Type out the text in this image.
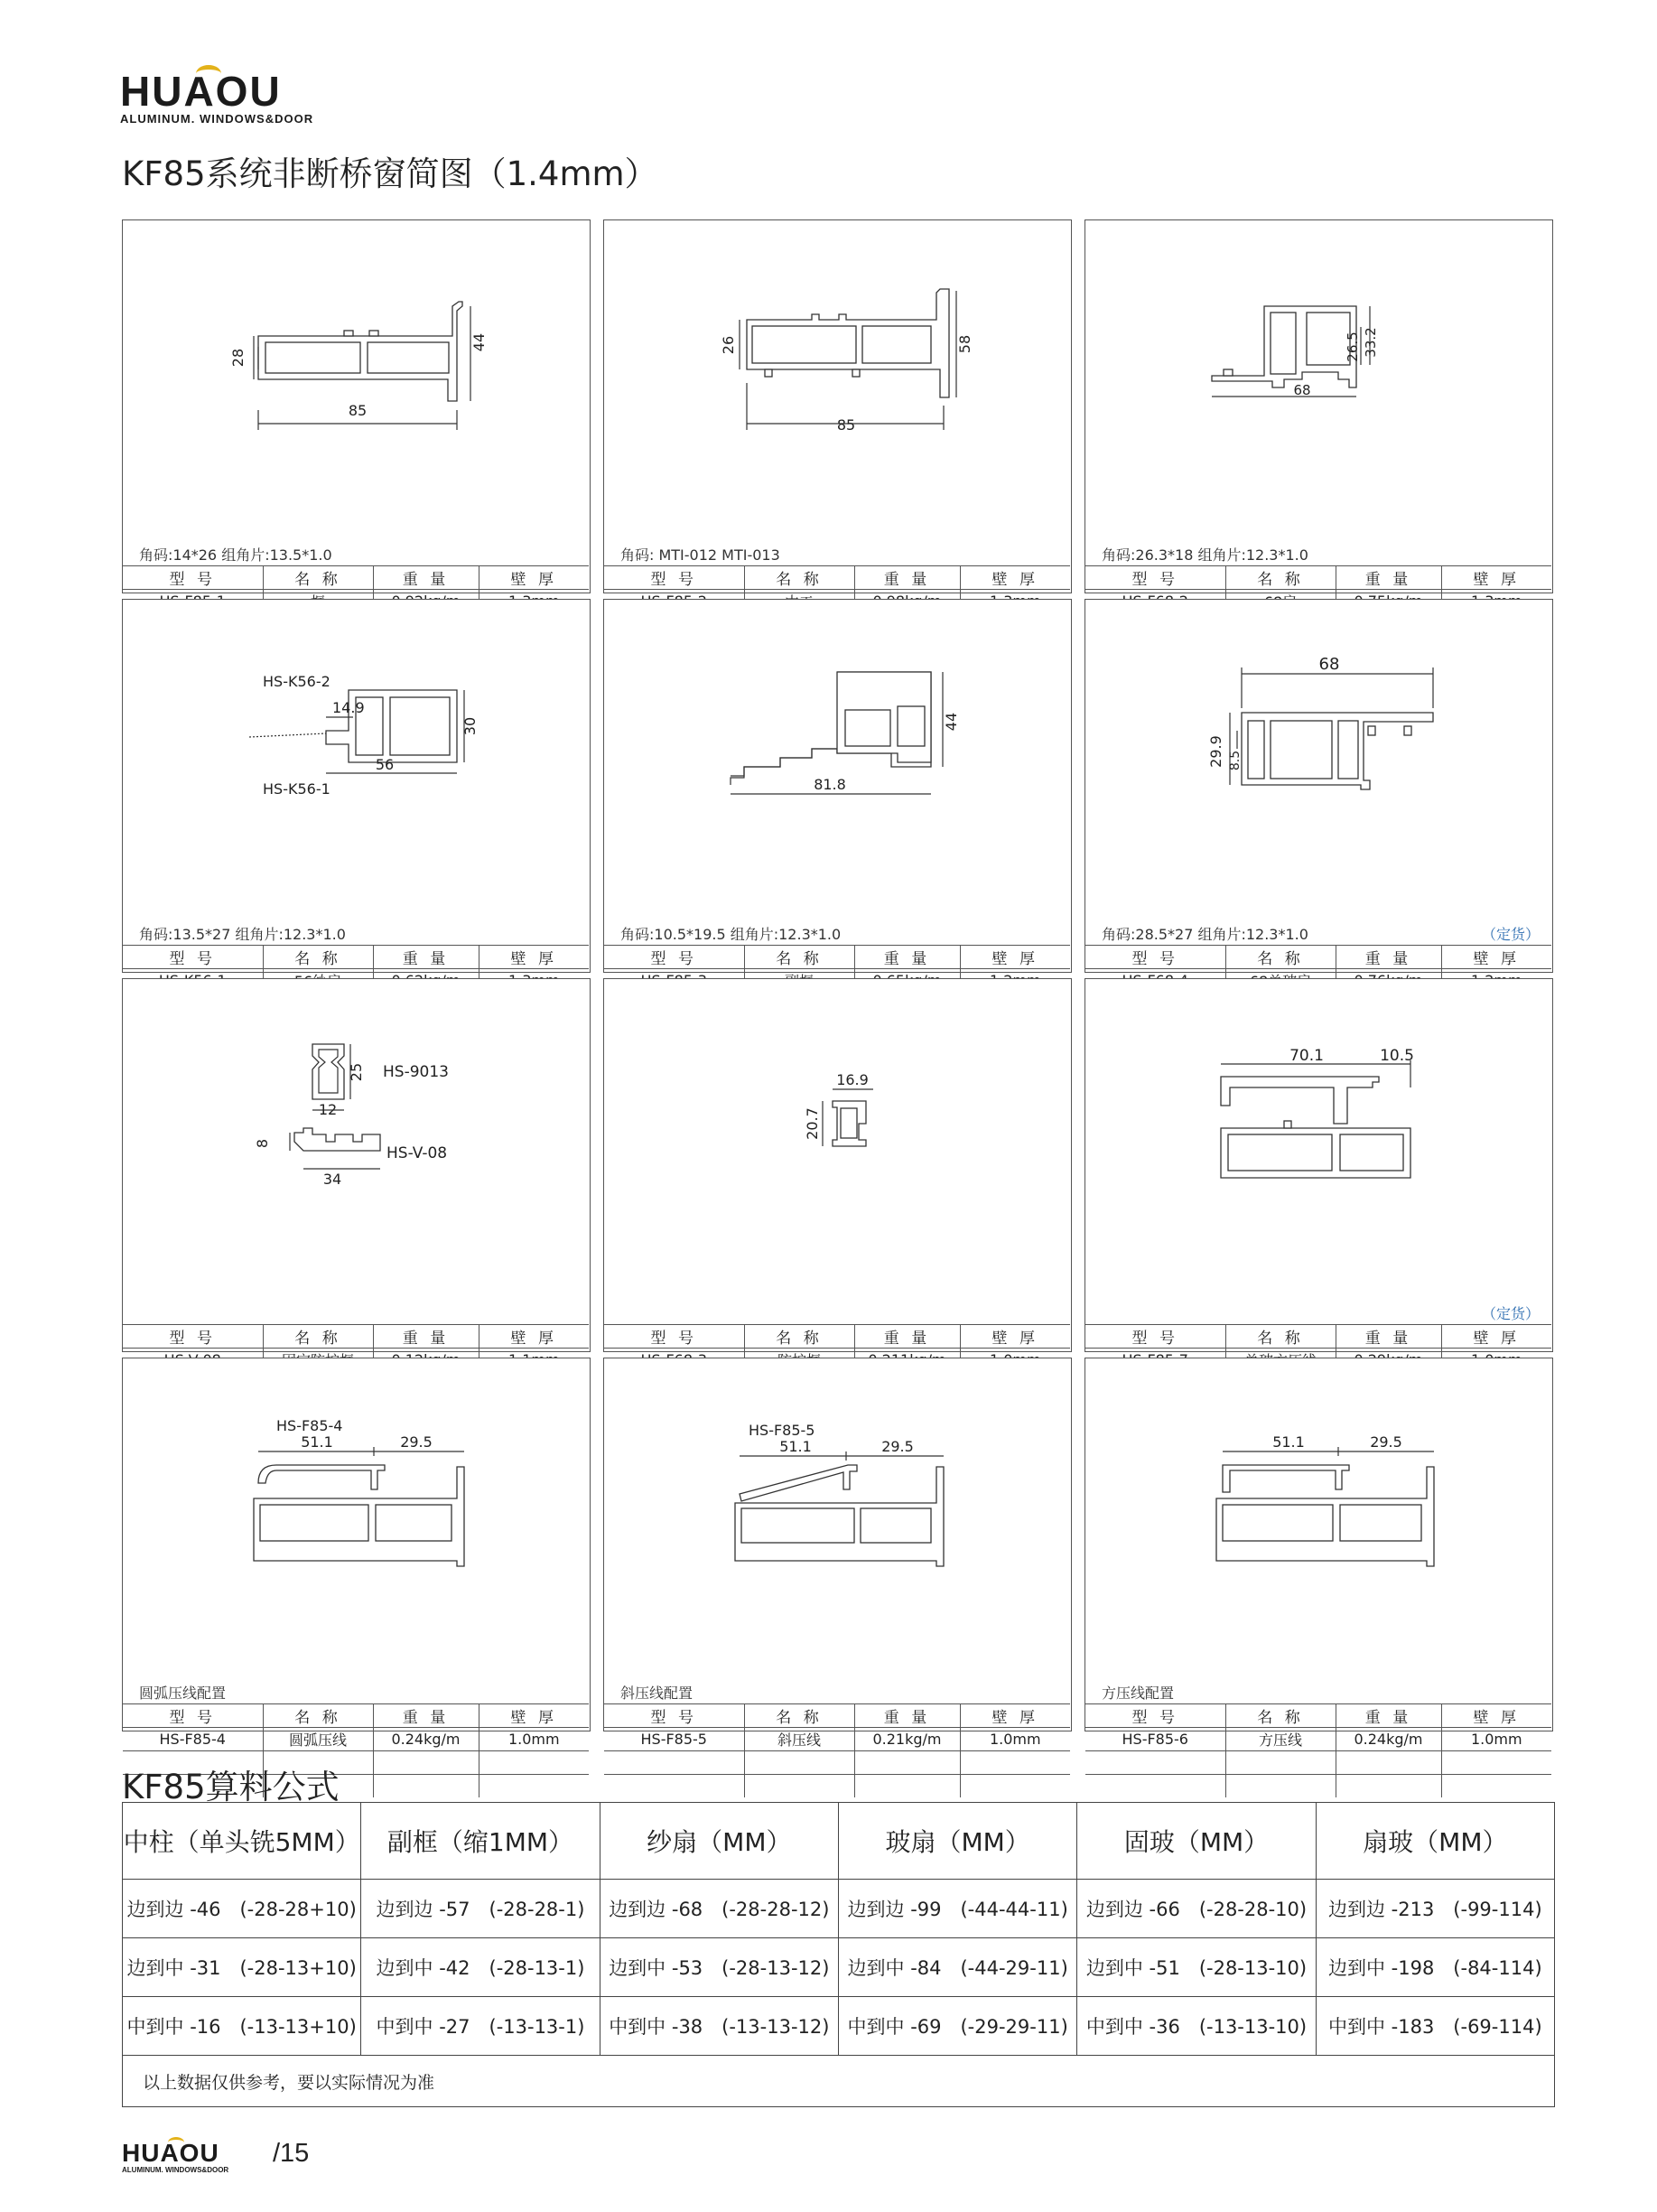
HUAOU
ALUMINUM. WINDOWS&DOOR
KF85系统非断桥窗简图（1.4mm）
28
44
85
角码:14*26 组角片:13.5*1.0
型 号	名 称	重 量	壁 厚

26	58
85
角码: MTI-012 MTI-013
型 号	名 称	重 量	壁 厚

26.5 33.2
68
角码:26.3*18 组角片:12.3*1.0
型 号	名 称	重 量	壁 厚

HS-K56-2
HS-K56-1
14.9
30
56
角码:13.5*27 组角片:12.3*1.0
型 号	名 称	重 量	壁 厚

44
81.8
角码:10.5*19.5 组角片:12.3*1.0
型 号	名 称	重 量	壁 厚

68
29.9 8.5
角码:28.5*27 组角片:12.3*1.0	（定货）
型 号	名 称	重 量	壁 厚

HS-9013
HS-V-08
25
12
8
34
型 号	名 称	重 量	壁 厚

16.9
20.7
型 号	名 称	重 量	壁 厚

70.1	10.5
（定货）
型 号	名 称	重 量	壁 厚

HS-F85-4
51.1	29.5
圆弧压线配置
型 号	名 称	重 量	壁 厚
HS-F85-4	圆弧压线	0.24kg/m	1.0mm

HS-F85-5
51.1	29.5
斜压线配置
型 号	名 称	重 量	壁 厚
HS-F85-5	斜压线	0.21kg/m	1.0mm

51.1	29.5
方压线配置
型 号	名 称	重 量	壁 厚
HS-F85-6	方压线	0.24kg/m	1.0mm

KF85算料公式
中柱（单头铣5MM）	副框（缩1MM）	纱扇（MM）	玻扇（MM）	固玻（MM）	扇玻（MM）
边到边 -46　(-28-28+10)	边到边 -57　(-28-28-1)	边到边 -68　(-28-28-12)	边到边 -99　(-44-44-11)	边到边 -66　(-28-28-10)	边到边 -213　(-99-114)
边到中 -31　(-28-13+10)	边到中 -42　(-28-13-1)	边到中 -53　(-28-13-12)	边到中 -84　(-44-29-11)	边到中 -51　(-28-13-10)	边到中 -198　(-84-114)
中到中 -16　(-13-13+10)	中到中 -27　(-13-13-1)	中到中 -38　(-13-13-12)	中到中 -69　(-29-29-11)	中到中 -36　(-13-13-10)	中到中 -183　(-69-114)
以上数据仅供参考，要以实际情况为准					
HUAOU
ALUMINUM. WINDOWS&DOOR
/15
